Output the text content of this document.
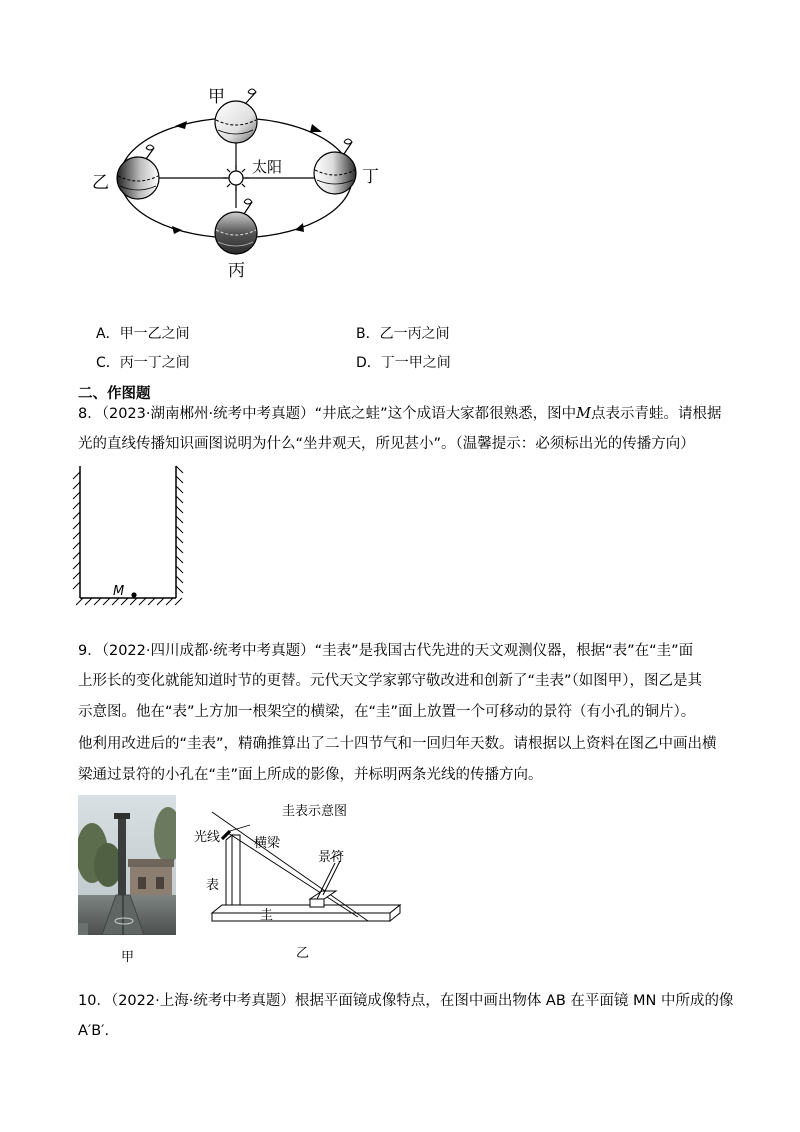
甲
乙
丙
丁
太阳
A．甲一乙之间	B．乙一丙之间
C．丙一丁之间	D．丁一甲之间
二、作图题
8．（2023·湖南郴州·统考中考真题）“井底之蛙”这个成语大家都很熟悉，图中M点表示青蛙。请根据
光的直线传播知识画图说明为什么“坐井观天，所见甚小”。（温馨提示：必须标出光的传播方向）
M
9．（2022·四川成都·统考中考真题）“圭表”是我国古代先进的天文观测仪器，根据“表”在“圭”面
上形长的变化就能知道时节的更替。元代天文学家郭守敬改进和创新了“圭表”（如图甲），图乙是其
示意图。他在“表”上方加一根架空的横梁，在“圭”面上放置一个可移动的景符（有小孔的铜片）。
他利用改进后的“圭表”，精确推算出了二十四节气和一回归年天数。请根据以上资料在图乙中画出横
梁通过景符的小孔在“圭”面上所成的影像，并标明两条光线的传播方向。
甲
圭表示意图
光线	横梁
景符
表
圭
乙
10．（2022·上海·统考中考真题）根据平面镜成像特点，在图中画出物体 AB 在平面镜 MN 中所成的像
A′B′.
